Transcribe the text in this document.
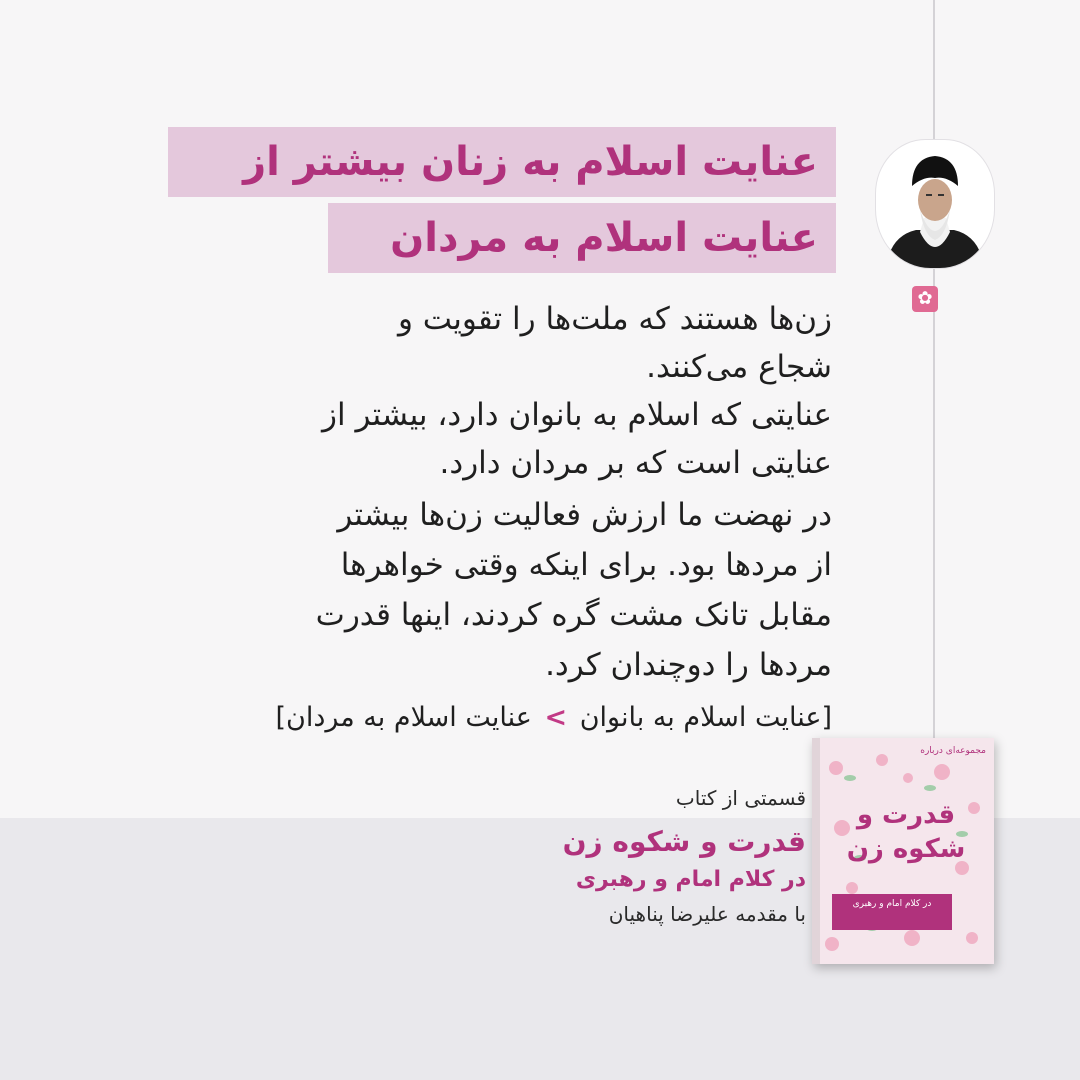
✿
عنایت اسلام به زنان بیشتر از
عنایت اسلام به مردان
زن‌ها هستند که ملت‌ها را تقویت و
شجاع می‌کنند.
عنایتی که اسلام به بانوان دارد، بیشتر از
عنایتی است که بر مردان دارد.
در نهضت ما ارزش فعالیت زن‌ها بیشتر
از مردها بود. برای اینکه وقتی خواهرها
مقابل تانک مشت گره کردند، اینها قدرت
مردها را دوچندان کرد.
[عنایت اسلام به بانوان > عنایت اسلام به مردان]
قسمتی از کتاب
قدرت و شکوه زن
در کلام امام و رهبری
با مقدمه علیرضا پناهیان
مجموعه‌ای درباره
قدرت و شکوه زن
در کلام امام و رهبری
